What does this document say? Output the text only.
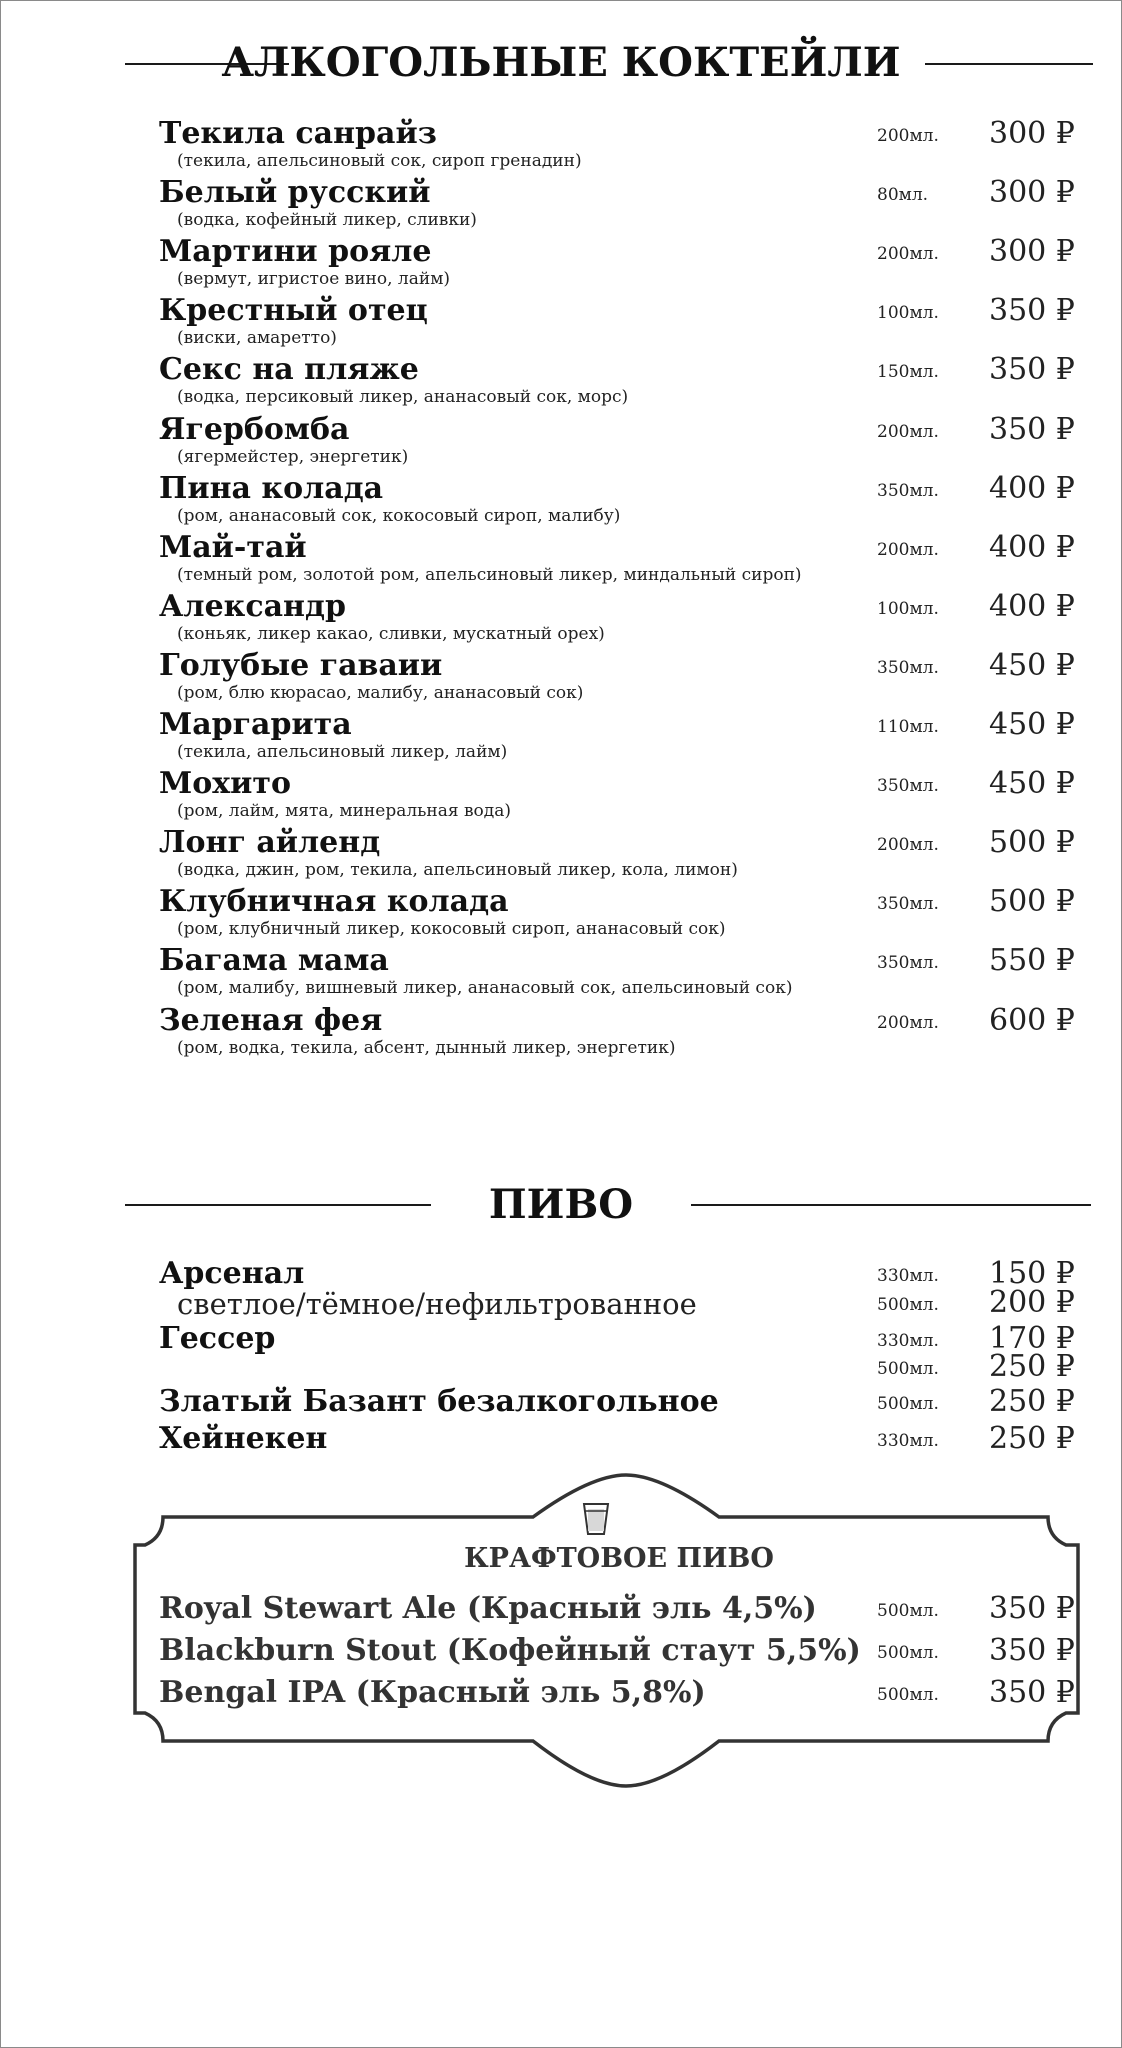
АЛКОГОЛЬНЫЕ КОКТЕЙЛИ
Текила санрайз
(текила, апельсиновый сок, сироп гренадин)
200мл. 300 ₽
Белый русский
(водка, кофейный ликер, сливки)
80мл. 300 ₽
Мартини рояле
(вермут, игристое вино, лайм)
200мл. 300 ₽
Крестный отец
(виски, амаретто)
100мл. 350 ₽
Секс на пляже
(водка, персиковый ликер, ананасовый сок, морс)
150мл. 350 ₽
Ягербомба
(ягермейстер, энергетик)
200мл. 350 ₽
Пина колада
(ром, ананасовый сок, кокосовый сироп, малибу)
350мл. 400 ₽
Май-тай
(темный ром, золотой ром, апельсиновый ликер, миндальный сироп)
200мл. 400 ₽
Александр
(коньяк, ликер какао, сливки, мускатный орех)
100мл. 400 ₽
Голубые гаваии
(ром, блю кюрасао, малибу, ананасовый сок)
350мл. 450 ₽
Маргарита
(текила, апельсиновый ликер, лайм)
110мл. 450 ₽
Мохито
(ром, лайм, мята, минеральная вода)
350мл. 450 ₽
Лонг айленд
(водка, джин, ром, текила, апельсиновый ликер, кола, лимон)
200мл. 500 ₽
Клубничная колада
(ром, клубничный ликер, кокосовый сироп, ананасовый сок)
350мл. 500 ₽
Багама мама
(ром, малибу, вишневый ликер, ананасовый сок, апельсиновый сок)
350мл. 550 ₽
Зеленая фея
(ром, водка, текила, абсент, дынный ликер, энергетик)
200мл. 600 ₽
ПИВО
Арсенал
светлое/тёмное/нефильтрованное
330мл. 150 ₽
500мл. 200 ₽
Гессер	330мл. 170 ₽
500мл. 250 ₽
Златый Базант безалкогольное	500мл. 250 ₽
Хейнекен	330мл. 250 ₽
КРАФТОВОЕ ПИВО
Royal Stewart Ale (Красный эль 4,5%)	500мл. 350 ₽
Blackburn Stout (Кофейный стаут 5,5%) 500мл. 350 ₽
Bengal IPA (Красный эль 5,8%)	500мл. 350 ₽
